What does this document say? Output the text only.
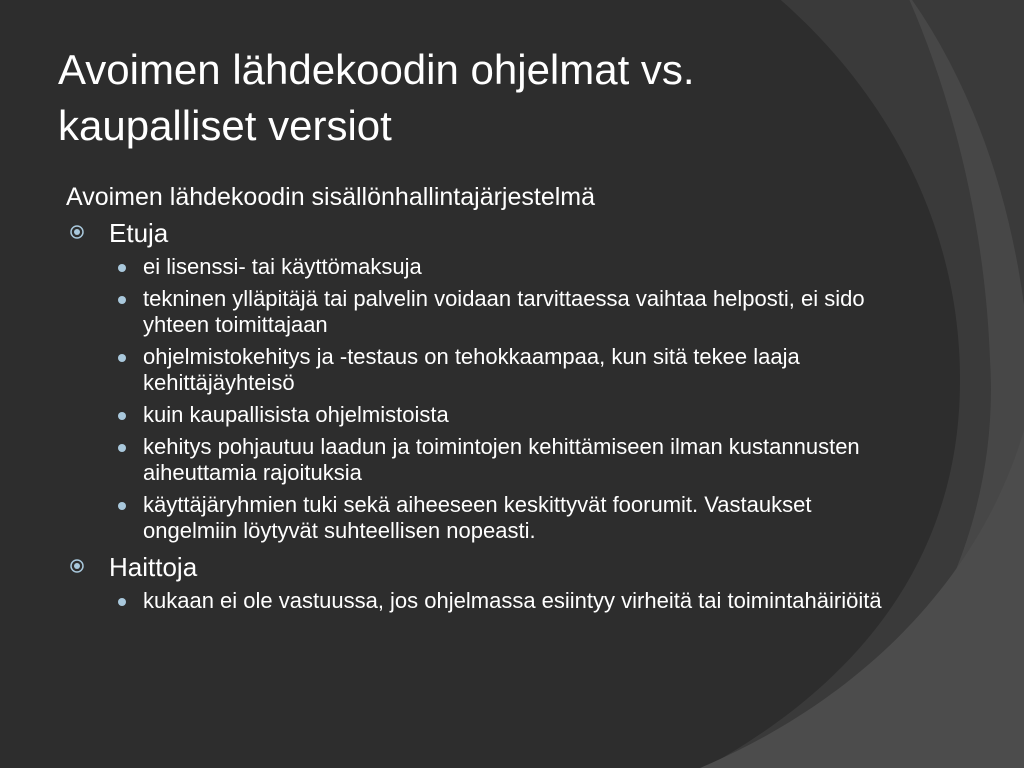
Avoimen lähdekoodin ohjelmat vs.
kaupalliset versiot

Avoimen lähdekoodin sisällönhallintajärjestelmä

Etuja
ei lisenssi- tai käyttömaksuja
tekninen ylläpitäjä tai palvelin voidaan tarvittaessa vaihtaa helposti, ei sido yhteen toimittajaan
ohjelmistokehitys ja -testaus on tehokkaampaa, kun sitä tekee laaja kehittäjäyhteisö
kuin kaupallisista ohjelmistoista
kehitys pohjautuu laadun ja toimintojen kehittämiseen ilman kustannusten aiheuttamia rajoituksia
käyttäjäryhmien tuki sekä aiheeseen keskittyvät foorumit. Vastaukset ongelmiin löytyvät suhteellisen nopeasti.
Haittoja
kukaan ei ole vastuussa, jos ohjelmassa esiintyy virheitä tai toimintahäiriöitä
